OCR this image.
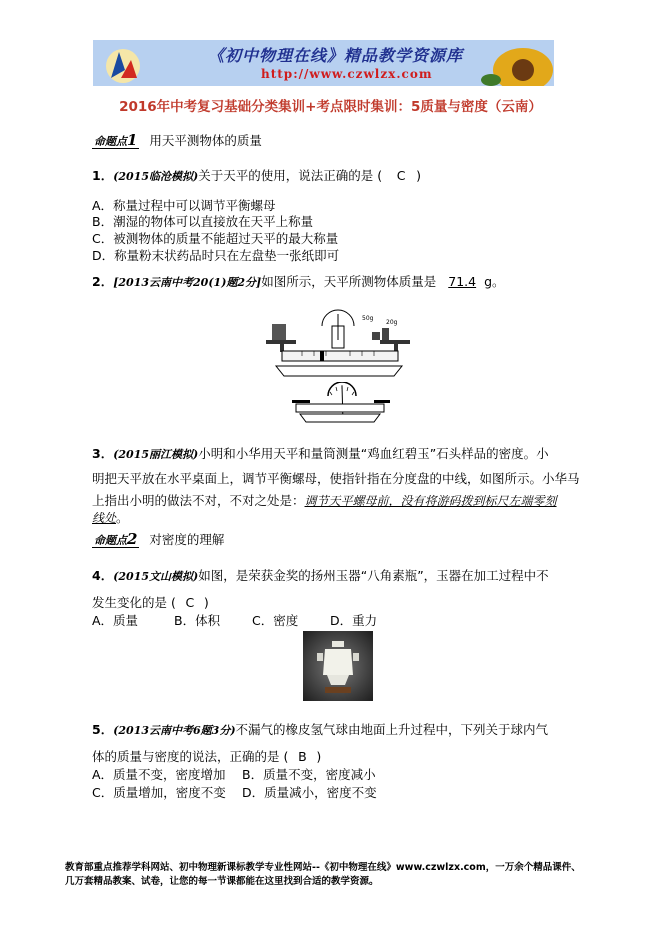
《初中物理在线》精品教学资源库
http://www.czwlzx.com
2016年中考复习基础分类集训+考点限时集训：5质量与密度（云南）
命题点1 用天平测物体的质量
1．(2015临沧模拟)关于天平的使用，说法正确的是 ( C )
A．称量过程中可以调节平衡螺母
B．潮湿的物体可以直接放在天平上称量
C．被测物体的质量不能超过天平的最大称量
D．称量粉末状药品时只在左盘垫一张纸即可
2．[2013云南中考20(1)题2分]如图所示，天平所测物体质量是 71.4 g。
50g
20g
3．(2015丽江模拟)小明和小华用天平和量筒测量“鸡血红碧玉”石头样品的密度。小
明把天平放在水平桌面上，调节平衡螺母，使指针指在分度盘的中线，如图所示。小华马
上指出小明的做法不对，不对之处是：调节天平螺母前，没有将游码拨到标尺左端零刻
线处。
命题点2 对密度的理解
4．(2015文山模拟)如图，是荣获金奖的扬州玉器“八角素瓶”，玉器在加工过程中不
发生变化的是 ( C )
A．质量	B．体积	C．密度	D．重力
5．(2013云南中考6题3分)不漏气的橡皮氢气球由地面上升过程中，下列关于球内气
体的质量与密度的说法，正确的是 ( B )
A．质量不变，密度增加 B．质量不变，密度减小
C．质量增加，密度不变 D．质量减小，密度不变
教育部重点推荐学科网站、初中物理新课标教学专业性网站--《初中物理在线》www.czwlzx.com，一万余个精品课件、
几万套精品教案、试卷，让您的每一节课都能在这里找到合适的教学资源。
